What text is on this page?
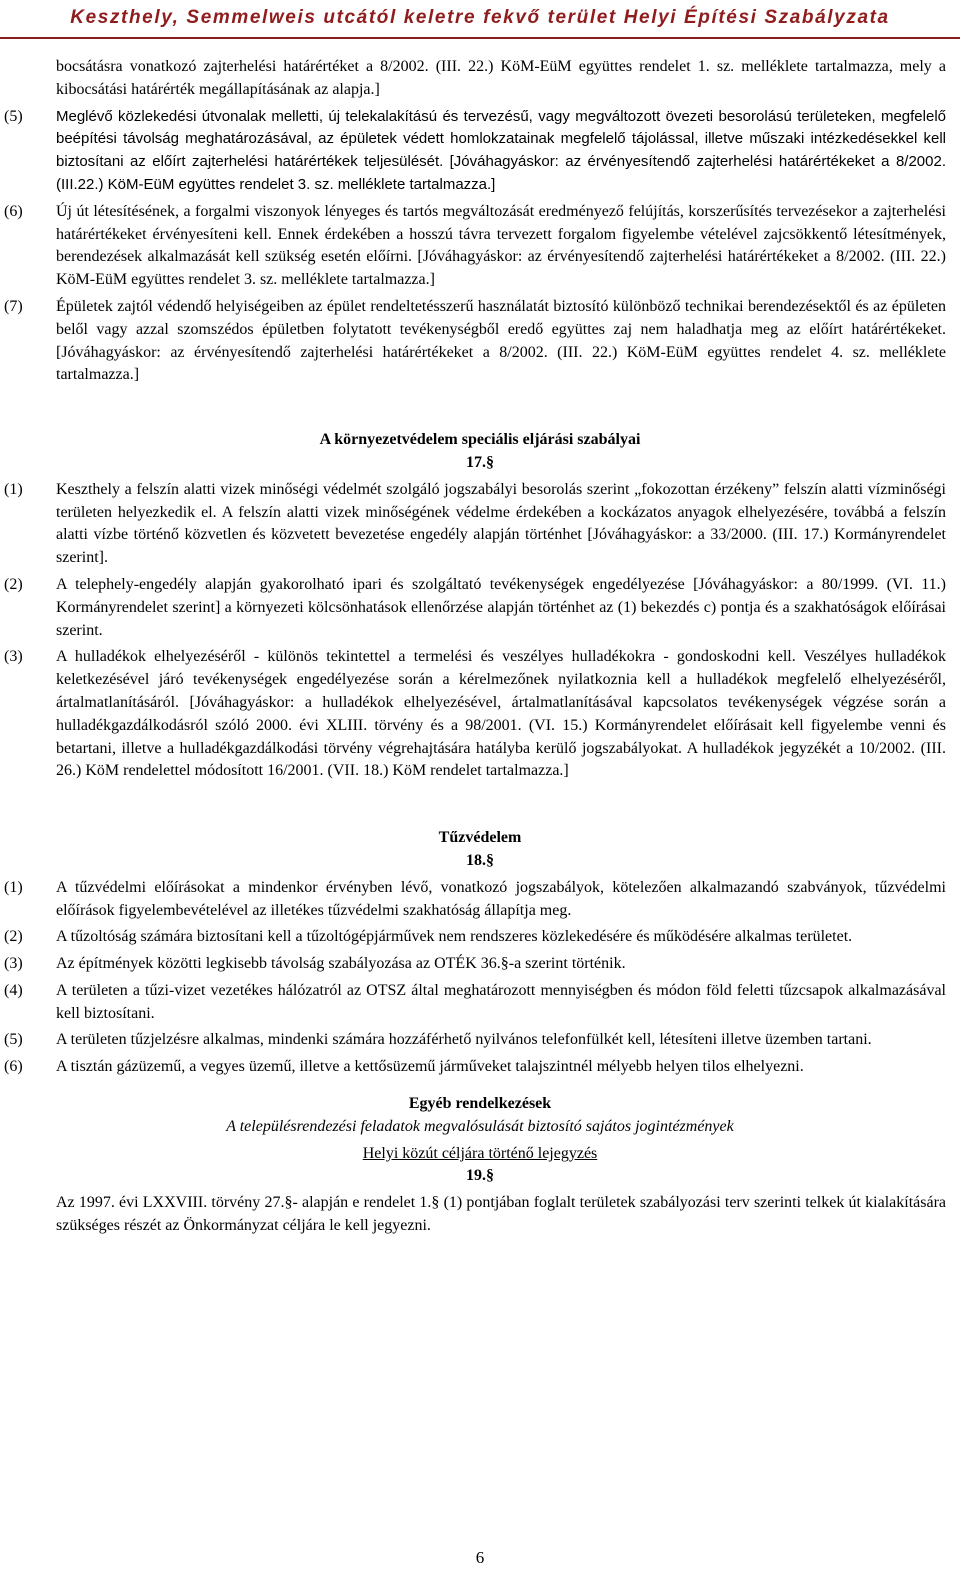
Keszthely, Semmelweis utcától keletre fekvő terület Helyi Építési Szabályzata

bocsátásra vonatkozó zajterhelési határértéket a 8/2002. (III. 22.) KöM-EüM együttes rendelet 1. sz. melléklete tartalmazza, mely a kibocsátási határérték megállapításának az alapja.]

(5) Meglévő közlekedési útvonalak melletti, új telekalakítású és tervezésű, vagy megváltozott övezeti besorolású területeken, megfelelő beépítési távolság meghatározásával, az épületek védett homlokzatainak megfelelő tájolással, illetve műszaki intézkedésekkel kell biztosítani az előírt zajterhelési határértékek teljesülését. [Jóváhagyáskor: az érvényesítendő zajterhelési határértékeket a 8/2002. (III.22.) KöM-EüM együttes rendelet 3. sz. melléklete tartalmazza.]

(6) Új út létesítésének, a forgalmi viszonyok lényeges és tartós megváltozását eredményező felújítás, korszerűsítés tervezésekor a zajterhelési határértékeket érvényesíteni kell. Ennek érdekében a hosszú távra tervezett forgalom figyelembe vételével zajcsökkentő létesítmények, berendezések alkalmazását kell szükség esetén előírni. [Jóváhagyáskor: az érvényesítendő zajterhelési határértékeket a 8/2002. (III. 22.) KöM-EüM együttes rendelet 3. sz. melléklete tartalmazza.]

(7) Épületek zajtól védendő helyiségeiben az épület rendeltetésszerű használatát biztosító különböző technikai berendezésektől és az épületen belől vagy azzal szomszédos épületben folytatott tevékenységből eredő együttes zaj nem haladhatja meg az előírt határértékeket. [Jóváhagyáskor: az érvényesítendő zajterhelési határértékeket a 8/2002. (III. 22.) KöM-EüM együttes rendelet 4. sz. melléklete tartalmazza.]

A környezetvédelem speciális eljárási szabályai

17.§

(1) Keszthely a felszín alatti vizek minőségi védelmét szolgáló jogszabályi besorolás szerint „fokozottan érzékeny” felszín alatti vízminőségi területen helyezkedik el. A felszín alatti vizek minőségének védelme érdekében a kockázatos anyagok elhelyezésére, továbbá a felszín alatti vízbe történő közvetlen és közvetett bevezetése engedély alapján történhet [Jóváhagyáskor: a 33/2000. (III. 17.) Kormányrendelet szerint].

(2) A telephely-engedély alapján gyakorolható ipari és szolgáltató tevékenységek engedélyezése [Jóváhagyáskor: a 80/1999. (VI. 11.) Kormányrendelet szerint] a környezeti kölcsönhatások ellenőrzése alapján történhet az (1) bekezdés c) pontja és a szakhatóságok előírásai szerint.

(3) A hulladékok elhelyezéséről - különös tekintettel a termelési és veszélyes hulladékokra - gondoskodni kell. Veszélyes hulladékok keletkezésével járó tevékenységek engedélyezése során a kérelmezőnek nyilatkoznia kell a hulladékok megfelelő elhelyezéséről, ártalmatlanításáról. [Jóváhagyáskor: a hulladékok elhelyezésével, ártalmatlanításával kapcsolatos tevékenységek végzése során a hulladékgazdálkodásról szóló 2000. évi XLIII. törvény és a 98/2001. (VI. 15.) Kormányrendelet előírásait kell figyelembe venni és betartani, illetve a hulladékgazdálkodási törvény végrehajtására hatályba kerülő jogszabályokat. A hulladékok jegyzékét a 10/2002. (III. 26.) KöM rendelettel módosított 16/2001. (VII. 18.) KöM rendelet tartalmazza.]

Tűzvédelem

18.§

(1) A tűzvédelmi előírásokat a mindenkor érvényben lévő, vonatkozó jogszabályok, kötelezően alkalmazandó szabványok, tűzvédelmi előírások figyelembevételével az illetékes tűzvédelmi szakhatóság állapítja meg.

(2) A tűzoltóság számára biztosítani kell a tűzoltógépjárművek nem rendszeres közlekedésére és működésére alkalmas területet.

(3) Az építmények közötti legkisebb távolság szabályozása az OTÉK 36.§-a szerint történik.

(4) A területen a tűzi-vizet vezetékes hálózatról az OTSZ által meghatározott mennyiségben és módon föld feletti tűzcsapok alkalmazásával kell biztosítani.

(5) A területen tűzjelzésre alkalmas, mindenki számára hozzáférhető nyilvános telefonfülkét kell, létesíteni illetve üzemben tartani.

(6) A tisztán gázüzemű, a vegyes üzemű, illetve a kettősüzemű járműveket talajszintnél mélyebb helyen tilos elhelyezni.

Egyéb rendelkezések

A településrendezési feladatok megvalósulását biztosító sajátos jogintézmények

Helyi közút céljára történő lejegyzés

19.§

Az 1997. évi LXXVIII. törvény 27.§- alapján e rendelet 1.§ (1) pontjában foglalt területek szabályozási terv szerinti telkek út kialakítására szükséges részét az Önkormányzat céljára le kell jegyezni.

6
